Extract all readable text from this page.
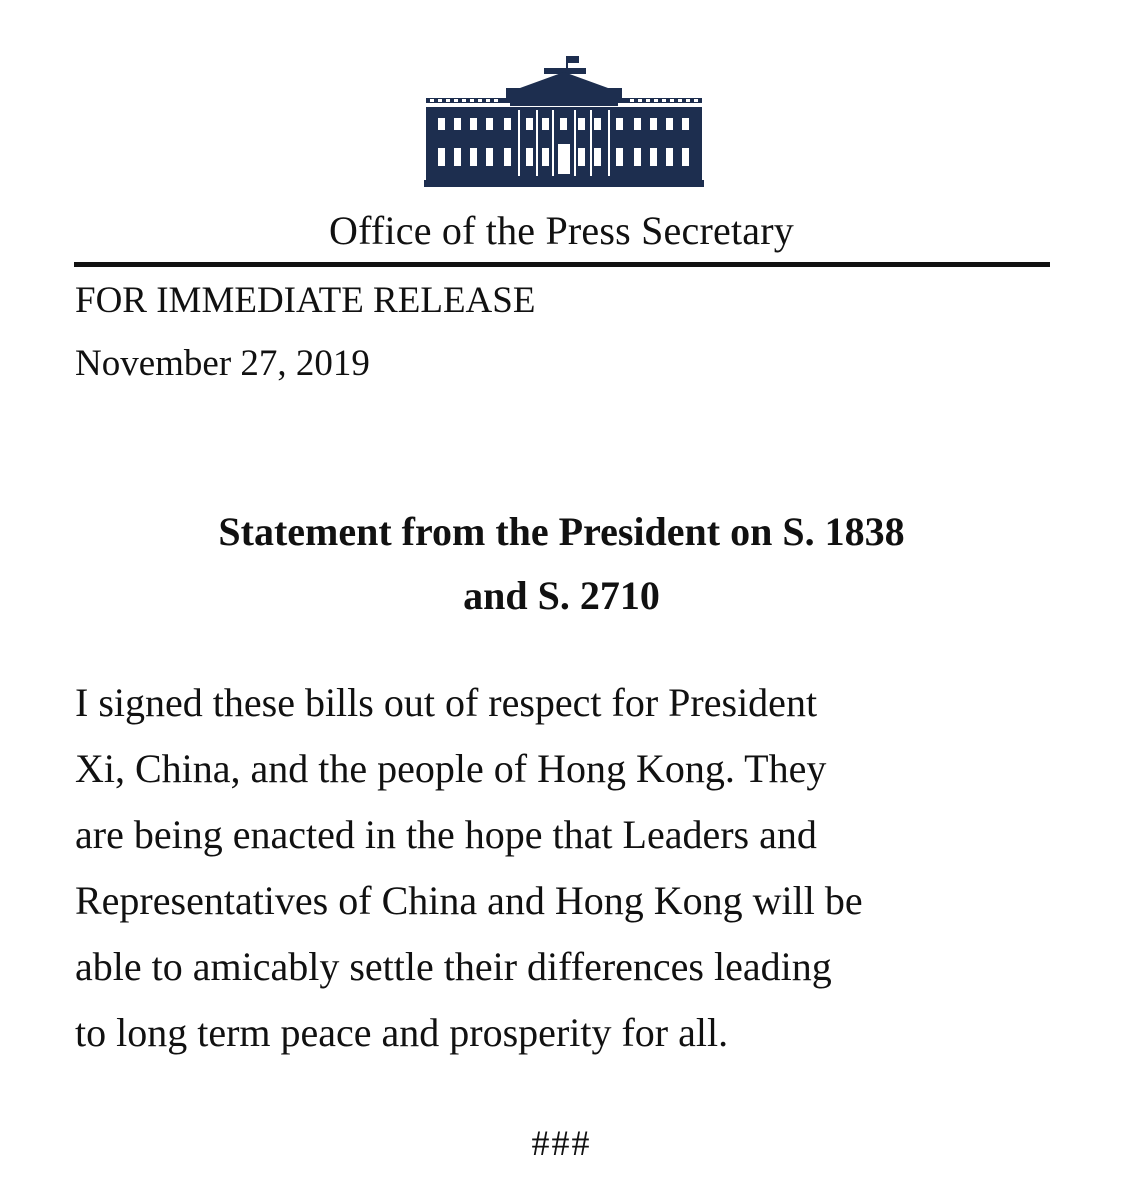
Office of the Press Secretary
FOR IMMEDIATE RELEASE
November 27, 2019
Statement from the President on S. 1838
and S. 2710
I signed these bills out of respect for President
Xi, China, and the people of Hong Kong. They
are being enacted in the hope that Leaders and
Representatives of China and Hong Kong will be
able to amicably settle their differences leading
to long term peace and prosperity for all.
###
